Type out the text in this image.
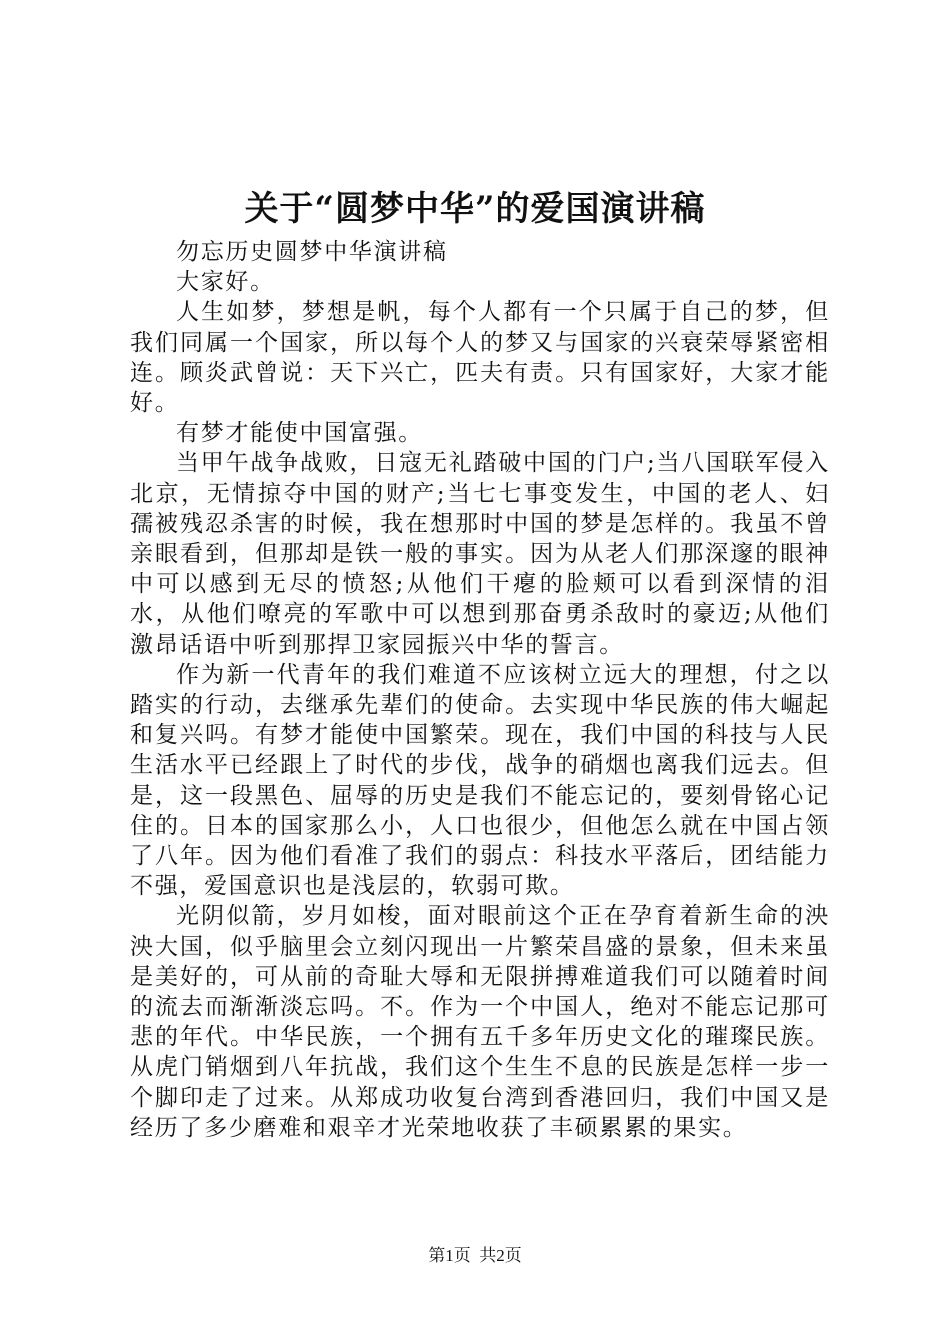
关于“圆梦中华”的爱国演讲稿

勿忘历史圆梦中华演讲稿

大家好。

人生如梦，梦想是帆，每个人都有一个只属于自己的梦，但我们同属一个国家，所以每个人的梦又与国家的兴衰荣辱紧密相连。顾炎武曾说：天下兴亡，匹夫有责。只有国家好，大家才能好。

有梦才能使中国富强。

当甲午战争战败，日寇无礼踏破中国的门户;当八国联军侵入北京，无情掠夺中国的财产;当七七事变发生，中国的老人、妇孺被残忍杀害的时候，我在想那时中国的梦是怎样的。我虽不曾亲眼看到，但那却是铁一般的事实。因为从老人们那深邃的眼神中可以感到无尽的愤怒;从他们干瘪的脸颊可以看到深情的泪水，从他们嘹亮的军歌中可以想到那奋勇杀敌时的豪迈;从他们激昂话语中听到那捍卫家园振兴中华的誓言。

作为新一代青年的我们难道不应该树立远大的理想，付之以踏实的行动，去继承先辈们的使命。去实现中华民族的伟大崛起和复兴吗。有梦才能使中国繁荣。现在，我们中国的科技与人民生活水平已经跟上了时代的步伐，战争的硝烟也离我们远去。但是，这一段黑色、屈辱的历史是我们不能忘记的，要刻骨铭心记住的。日本的国家那么小，人口也很少，但他怎么就在中国占领了八年。因为他们看准了我们的弱点：科技水平落后，团结能力不强，爱国意识也是浅层的，软弱可欺。

光阴似箭，岁月如梭，面对眼前这个正在孕育着新生命的泱泱大国，似乎脑里会立刻闪现出一片繁荣昌盛的景象，但未来虽是美好的，可从前的奇耻大辱和无限拼搏难道我们可以随着时间的流去而渐渐淡忘吗。不。作为一个中国人，绝对不能忘记那可悲的年代。中华民族，一个拥有五千多年历史文化的璀璨民族。从虎门销烟到八年抗战，我们这个生生不息的民族是怎样一步一个脚印走了过来。从郑成功收复台湾到香港回归，我们中国又是经历了多少磨难和艰辛才光荣地收获了丰硕累累的果实。

第1页 共2页
